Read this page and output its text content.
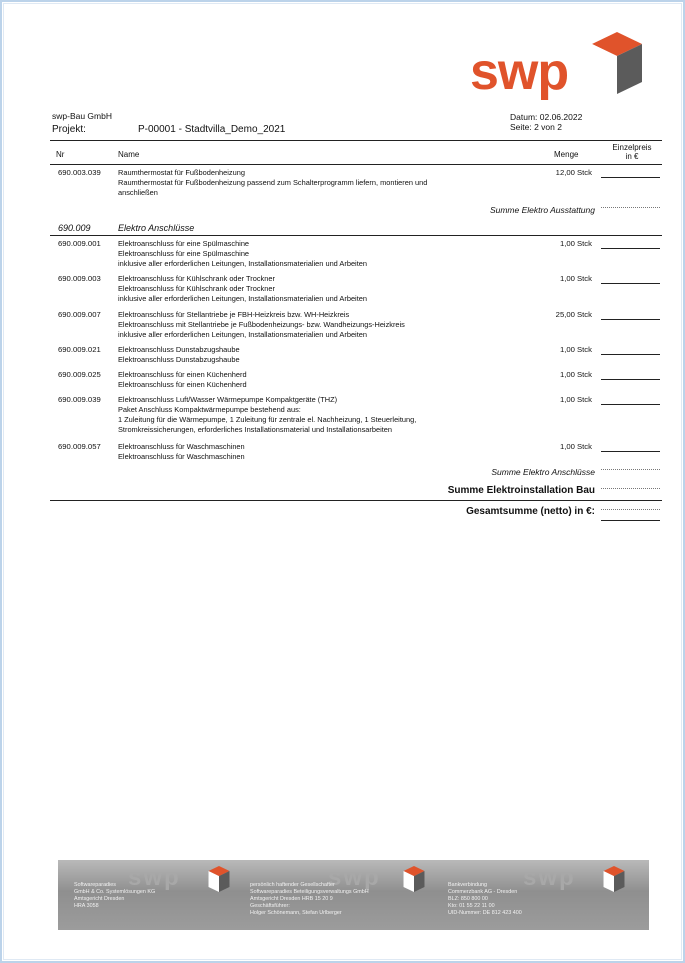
swp
swp-Bau GmbH
Projekt:	P-00001 - Stadtvilla_Demo_2021
Datum: 02.06.2022
Seite: 2 von 2
Nr	Name	Menge
Einzelpreis
in €
690.003.039 Raumthermostat für Fußbodenheizung
Raumthermostat für Fußbodenheizung passend zum Schalterprogramm liefern, montieren und
anschließen
12,00 Stck
Summe Elektro Ausstattung
690.009	Elektro Anschlüsse
690.009.001 Elektroanschluss für eine Spülmaschine
Elektroanschluss für eine Spülmaschine
inklusive aller erforderlichen Leitungen, Installationsmaterialien und Arbeiten
1,00 Stck
690.009.003 Elektroanschluss für Kühlschrank oder Trockner
Elektroanschluss für Kühlschrank oder Trockner
inklusive aller erforderlichen Leitungen, Installationsmaterialien und Arbeiten
1,00 Stck
690.009.007 Elektroanschluss für Stellantriebe je FBH-Heizkreis bzw. WH-Heizkreis
Elektroanschluss mit Stellantriebe je Fußbodenheizungs- bzw. Wandheizungs-Heizkreis
inklusive aller erforderlichen Leitungen, Installationsmaterialien und Arbeiten
25,00 Stck
690.009.021 Elektroanschluss Dunstabzugshaube
Elektroanschluss Dunstabzugshaube
1,00 Stck
690.009.025 Elektroanschluss für einen Küchenherd
Elektroanschluss für einen Küchenherd
1,00 Stck
690.009.039 Elektroanschluss Luft/Wasser Wärmepumpe Kompaktgeräte (THZ)
Paket Anschluss Kompaktwärmepumpe bestehend aus:
1 Zuleitung für die Wärmepumpe, 1 Zuleitung für zentrale el. Nachheizung, 1 Steuerleitung,
Stromkreissicherungen, erforderliches Installationsmaterial und Installationsarbeiten
1,00 Stck
690.009.057 Elektroanschluss für Waschmaschinen
Elektroanschluss für Waschmaschinen
1,00 Stck
Summe Elektro Anschlüsse
Summe Elektroinstallation Bau
Gesamtsumme (netto) in €:
swp	swp	swp
Softwareparadies
GmbH & Co. Systemlösungen KG
Amtsgericht Dresden
HRA 3058
persönlich haftender Gesellschafter
Softwareparadies Beteiligungsverwaltungs GmbH
Amtsgericht Dresden HRB 15 20 9
Geschäftsführer:
Holger Schönemann, Stefan Urlberger
Bankverbindung
Commerzbank AG - Dresden
BLZ: 850 800 00
Kto: 01 55 22 11 00
UID-Nummer: DE 812 423 400
